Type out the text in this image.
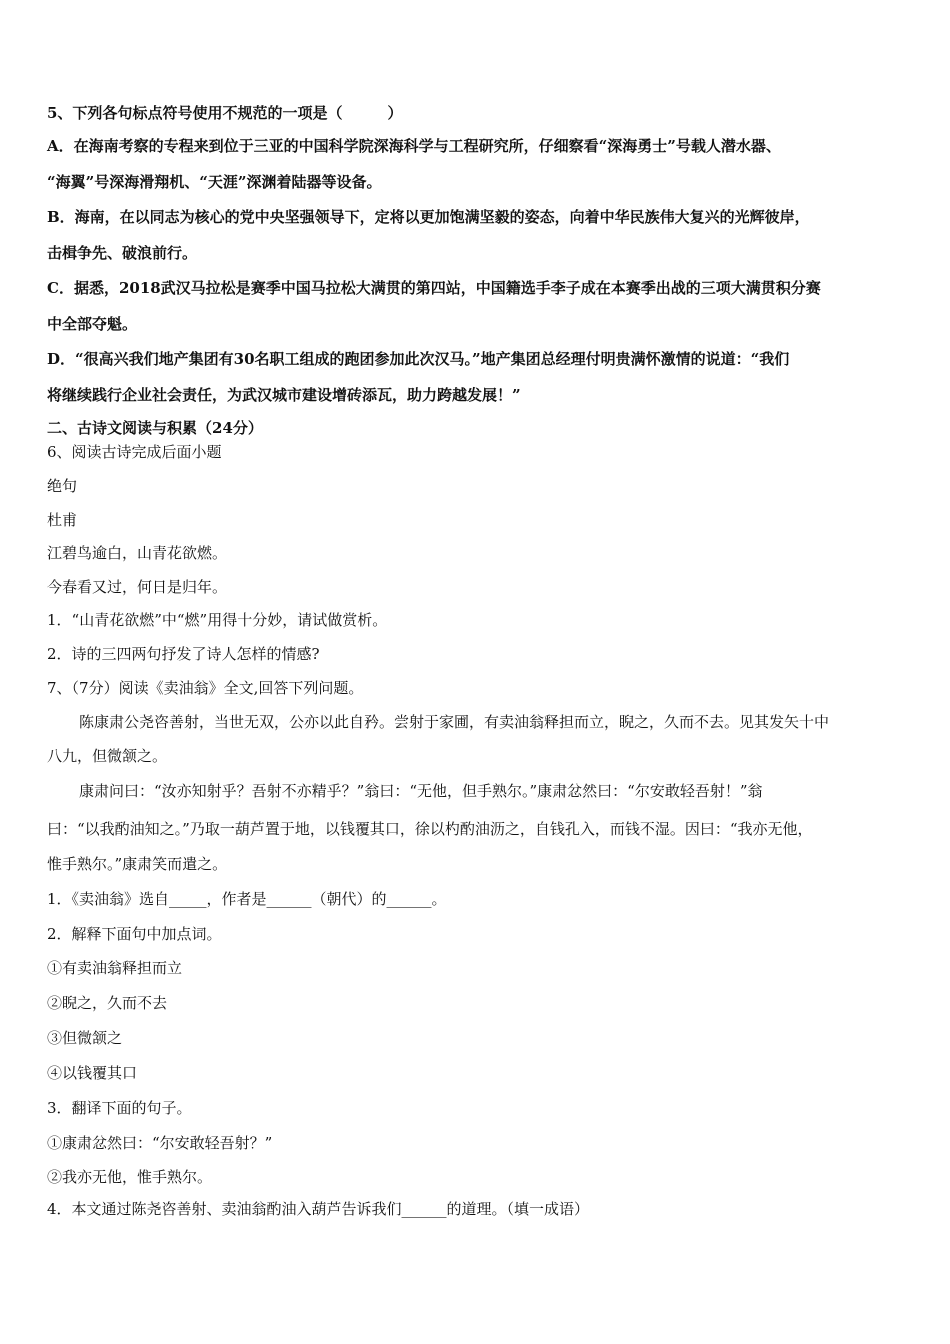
5、下列各句标点符号使用不规范的一项是（　　　）
A．在海南考察的专程来到位于三亚的中国科学院深海科学与工程研究所，仔细察看“深海勇士”号载人潜水器、
“海翼”号深海滑翔机、“天涯”深渊着陆器等设备。
B．海南，在以同志为核心的党中央坚强领导下，定将以更加饱满坚毅的姿态，向着中华民族伟大复兴的光辉彼岸，
击楫争先、破浪前行。
C．据悉，2018武汉马拉松是赛季中国马拉松大满贯的第四站，中国籍选手李子成在本赛季出战的三项大满贯积分赛
中全部夺魁。
D．“很高兴我们地产集团有30名职工组成的跑团参加此次汉马。”地产集团总经理付明贵满怀激情的说道：“我们
将继续践行企业社会责任，为武汉城市建设增砖添瓦，助力跨越发展！”
二、古诗文阅读与积累（24分）
6、阅读古诗完成后面小题
绝句
杜甫
江碧鸟逾白，山青花欲燃。
今春看又过，何日是归年。
1．“山青花欲燃”中“燃”用得十分妙，请试做赏析。
2．诗的三四两句抒发了诗人怎样的情感?
7、（7分）阅读《卖油翁》全文,回答下列问题。
陈康肃公尧咨善射，当世无双，公亦以此自矜。尝射于家圃，有卖油翁释担而立，睨之，久而不去。见其发矢十中
八九，但微颔之。
康肃问曰：“汝亦知射乎？吾射不亦精乎？”翁曰：“无他，但手熟尔。”康肃忿然曰：“尔安敢轻吾射！”翁
曰：“以我酌油知之。”乃取一葫芦置于地，以钱覆其口，徐以杓酌油沥之，自钱孔入，而钱不湿。因曰：“我亦无他，
惟手熟尔。”康肃笑而遣之。
1．《卖油翁》选自_____，作者是______（朝代）的______。
2．解释下面句中加点词。
①有卖油翁释担而立
②睨之，久而不去
③但微颔之
④以钱覆其口
3．翻译下面的句子。
①康肃忿然曰：“尔安敢轻吾射？”
②我亦无他，惟手熟尔。
4．本文通过陈尧咨善射、卖油翁酌油入葫芦告诉我们______的道理。（填一成语）
